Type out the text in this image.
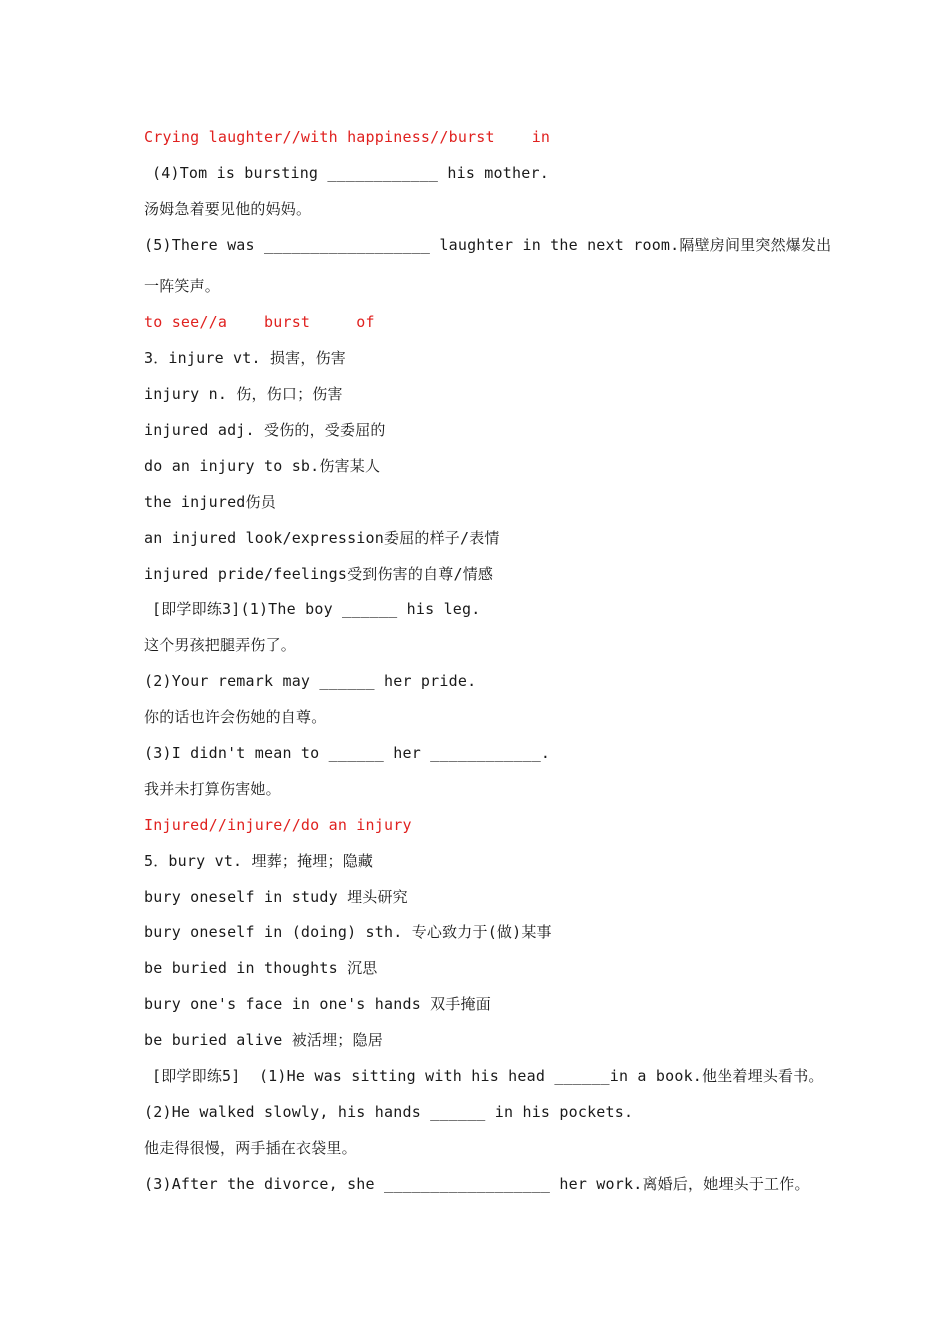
Crying laughter//with happiness//burst    in
(4)Tom is bursting ____________ his mother.
汤姆急着要见他的妈妈。
(5)There was __________________ laughter in the next room.隔壁房间里突然爆发出
一阵笑声。
to see//a    burst     of
3．injure vt. 损害，伤害
injury n. 伤，伤口；伤害
injured adj. 受伤的，受委屈的
do an injury to sb.伤害某人
the injured伤员
an injured look/expression委屈的样子/表情
injured pride/feelings受到伤害的自尊/情感
[即学即练3](1)The boy ______ his leg.
这个男孩把腿弄伤了。
(2)Your remark may ______ her pride.
你的话也许会伤她的自尊。
(3)I didn't mean to ______ her ____________.
我并未打算伤害她。
Injured//injure//do an injury
5．bury vt. 埋葬；掩埋；隐藏
bury oneself in study 埋头研究
bury oneself in (doing) sth. 专心致力于(做)某事
be buried in thoughts 沉思
bury one's face in one's hands 双手掩面
be buried alive 被活埋；隐居
[即学即练5]  (1)He was sitting with his head ______in a book.他坐着埋头看书。
(2)He walked slowly, his hands ______ in his pockets.
他走得很慢，两手插在衣袋里。
(3)After the divorce, she __________________ her work.离婚后，她埋头于工作。
